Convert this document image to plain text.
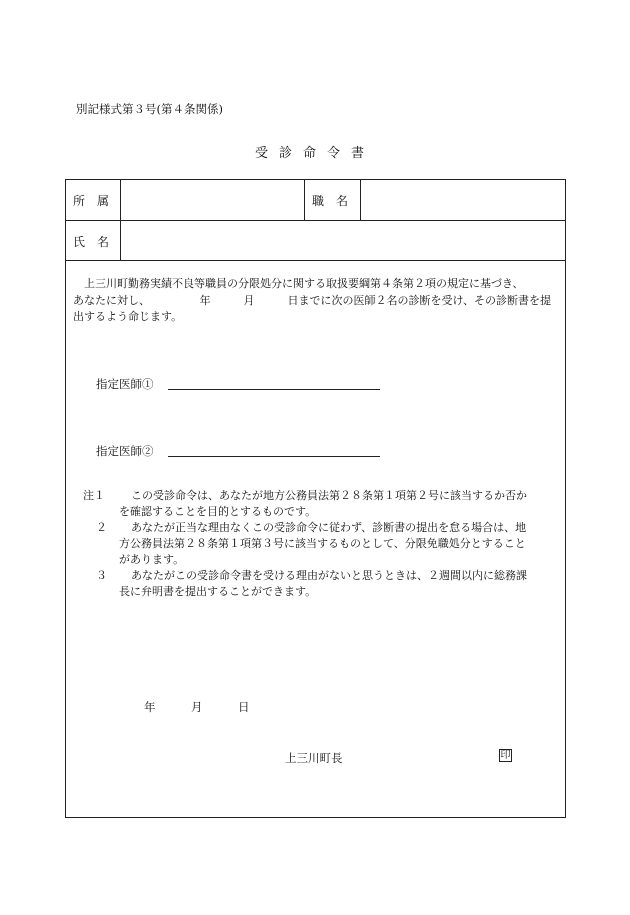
別記様式第３号(第４条関係)
受診命令書
所　属	職　名
氏　名
上三川町勤務実績不良等職員の分限処分に関する取扱要綱第４条第２項の規定に基づき、
あなたに対し、　　　　　年　　　月　　　日までに次の医師２名の診断を受け、その診断書を提
出するよう命じます。
指定医師①
指定医師②
注１ この受診命令は、あなたが地方公務員法第２８条第１項第２号に該当するか否か
を確認することを目的とするものです。
２ あなたが正当な理由なくこの受診命令に従わず、診断書の提出を怠る場合は、地
方公務員法第２８条第１項第３号に該当するものとして、分限免職処分とすること
があります。
３ あなたがこの受診命令書を受ける理由がないと思うときは、２週間以内に総務課
長に弁明書を提出することができます。
年	月	日
上三川町長	印
